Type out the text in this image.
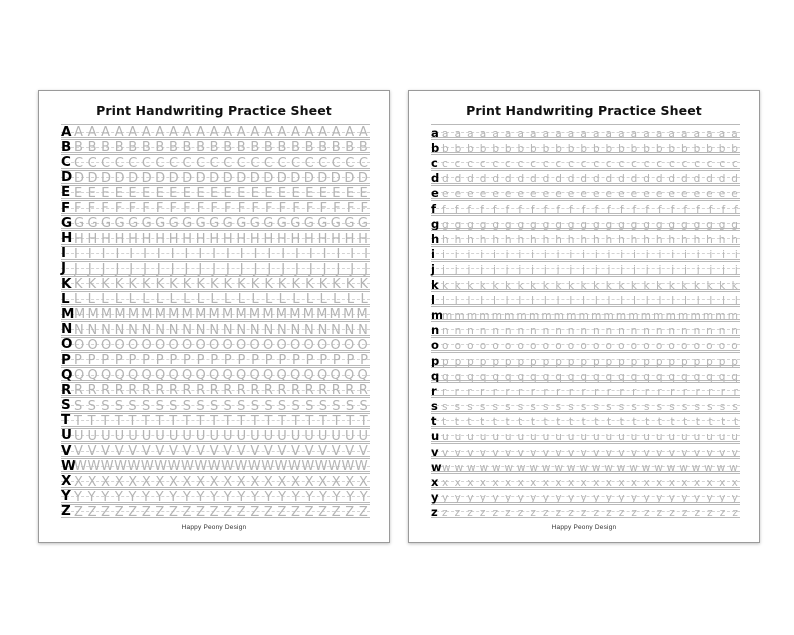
Print Handwriting Practice Sheet
A A A A A A A A A A A A A A A A A A A A A A A
B B B B B B B B B B B B B B B B B B B B B B B
C C C C C C C C C C C C C C C C C C C C C C C
D D D D D D D D D D D D D D D D D D D D D D D
E E E E E E E E E E E E E E E E E E E E E E E
F F F F F F F F F F F F F F F F F F F F F F F
G G G G G G G G G G G G G G G G G G G G G G G
H H H H H H H H H H H H H H H H H H H H H H H
I I I I I I I I I I I I I I I I I I I I I I I
J J J J J J J J J J J J J J J J J J J J J J J
K K K K K K K K K K K K K K K K K K K K K K K
L L L L L L L L L L L L L L L L L L L L L L L
M M M M M M M M M M M M M M M M M M M M M M M
N N N N N N N N N N N N N N N N N N N N N N N
O O O O O O O O O O O O O O O O O O O O O O O
P P P P P P P P P P P P P P P P P P P P P P P
Q Q Q Q Q Q Q Q Q Q Q Q Q Q Q Q Q Q Q Q Q Q Q
R R R R R R R R R R R R R R R R R R R R R R R
S S S S S S S S S S S S S S S S S S S S S S S
T T T T T T T T T T T T T T T T T T T T T T T
U U U U U U U U U U U U U U U U U U U U U U U
V V V V V V V V V V V V V V V V V V V V V V V
W
W W W W W W W W W W W W W W W W W W W W W W
X X X X X X X X X X X X X X X X X X X X X X X
Y Y Y Y Y Y Y Y Y Y Y Y Y Y Y Y Y Y Y Y Y Y Y
Z Z Z Z Z Z Z Z Z Z Z Z Z Z Z Z Z Z Z Z Z Z Z
Happy Peony Design
Print Handwriting Practice Sheet
a a a a a a a a a a a a a a a a a a a a a a a a a
b b b b b b b b b b b b b b b b b b b b b b b b b
c c c c c c c c c c c c c c c c c c c c c c c c c
d d d d d d d d d d d d d d d d d d d d d d d d d
e e e e e e e e e e e e e e e e e e e e e e e e e
f f f f f f f f f f f f f f f f f f f f f f f f f
g g g g g g g g g g g g g g g g g g g g g g g g g
h h h h h h h h h h h h h h h h h h h h h h h h h
i i i i i i i i i i i i i i i i i i i i i i i i i
j j j j j j j j j j j j j j j j j j j j j j j j j
k k k k k k k k k k k k k k k k k k k k k k k k k
l l l l l l l l l l l l l l l l l l l l l l l l l
m m m m m m m m m m m m m m m m m m m m m m m m m
n n n n n n n n n n n n n n n n n n n n n n n n n
o o o o o o o o o o o o o o o o o o o o o o o o o
p p p p p p p p p p p p p p p p p p p p p p p p p
q q q q q q q q q q q q q q q q q q q q q q q q q
r r r r r r r r r r r r r r r r r r r r r r r r r
s s s s s s s s s s s s s s s s s s s s s s s s s
t t t t t t t t t t t t t t t t t t t t t t t t t
u u u u u u u u u u u u u u u u u u u u u u u u u
v v v v v v v v v v v v v v v v v v v v v v v v v
w w w w w w w w w w w w w w w w w w w w w w w w w
x x x x x x x x x x x x x x x x x x x x x x x x x
y y y y y y y y y y y y y y y y y y y y y y y y y
z z z z z z z z z z z z z z z z z z z z z z z z z
Happy Peony Design
